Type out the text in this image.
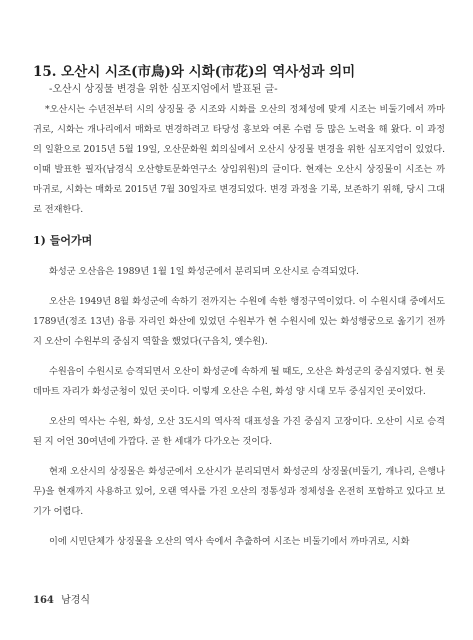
15. 오산시 시조(市鳥)와 시화(市花)의 역사성과 의미
-오산시 상징물 변경을 위한 심포지엄에서 발표된 글-

*오산시는 수년전부터 시의 상징물 중 시조와 시화를 오산의 정체성에 맞게 시조는 비둘기에서 까마귀로, 시화는 개나리에서 매화로 변경하려고 타당성 홍보와 여론 수렴 등 많은 노력을 해 왔다. 이 과정의 일환으로 2015년 5월 19일, 오산문화원 회의실에서 오산시 상징물 변경을 위한 심포지엄이 있었다. 이때 발표한 필자(남경식 오산향토문화연구소 상임위원)의 글이다. 현재는 오산시 상징물이 시조는 까마귀로, 시화는 매화로 2015년 7월 30일자로 변경되었다. 변경 과정을 기록, 보존하기 위해, 당시 그대로 전재한다.

1) 들어가며

화성군 오산읍은 1989년 1월 1일 화성군에서 분리되며 오산시로 승격되었다.

오산은 1949년 8월 화성군에 속하기 전까지는 수원에 속한 행정구역이었다. 이 수원시대 중에서도 1789년(정조 13년) 융릉 자리인 화산에 있었던 수원부가 현 수원시에 있는 화성행궁으로 옮기기 전까지 오산이 수원부의 중심지 역할을 했었다(구읍치, 옛수원).

수원읍이 수원시로 승격되면서 오산이 화성군에 속하게 될 때도, 오산은 화성군의 중심지였다. 현 롯데마트 자리가 화성군청이 있던 곳이다. 이렇게 오산은 수원, 화성 양 시대 모두 중심지인 곳이었다.

오산의 역사는 수원, 화성, 오산 3도시의 역사적 대표성을 가진 중심지 고장이다. 오산이 시로 승격된 지 어언 30여년에 가깝다. 곧 한 세대가 다가오는 것이다.

현재 오산시의 상징물은 화성군에서 오산시가 분리되면서 화성군의 상징물(비둘기, 개나리, 은행나무)을 현재까지 사용하고 있어, 오랜 역사를 가진 오산의 정통성과 정체성을 온전히 포함하고 있다고 보기가 어렵다.

이에 시민단체가 상징물을 오산의 역사 속에서 추출하여 시조는 비둘기에서 까마귀로, 시화

164 남경식
